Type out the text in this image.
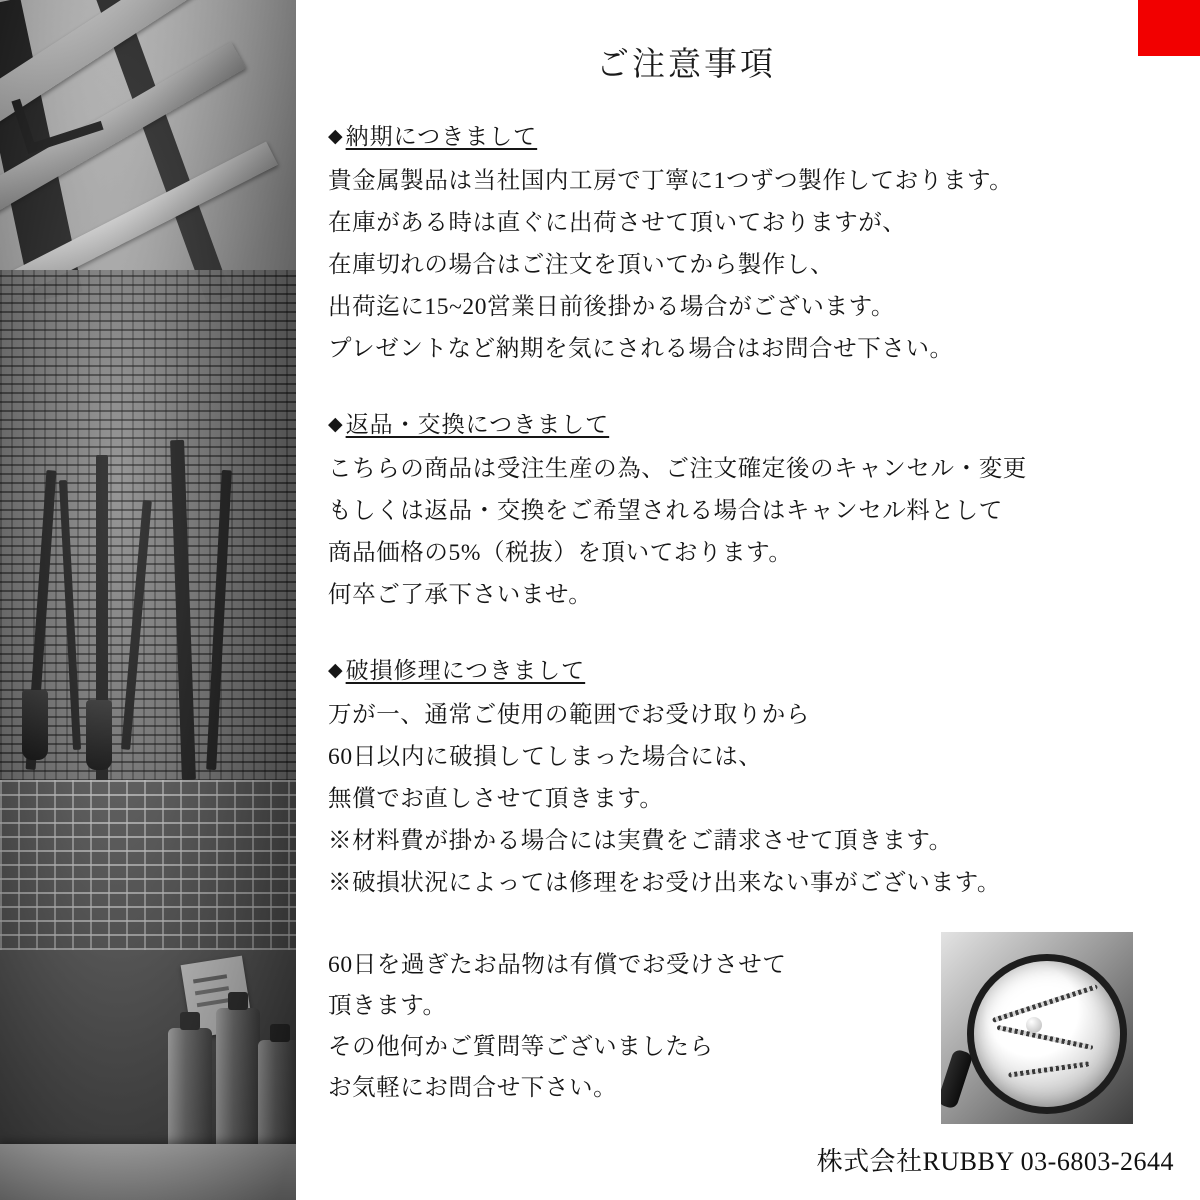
ご注意事項
◆納期につきまして
貴金属製品は当社国内工房で丁寧に1つずつ製作しております。
在庫がある時は直ぐに出荷させて頂いておりますが、
在庫切れの場合はご注文を頂いてから製作し、
出荷迄に15~20営業日前後掛かる場合がございます。
プレゼントなど納期を気にされる場合はお問合せ下さい。
◆返品・交換につきまして
こちらの商品は受注生産の為、ご注文確定後のキャンセル・変更
もしくは返品・交換をご希望される場合はキャンセル料として
商品価格の5%（税抜）を頂いております。
何卒ご了承下さいませ。
◆破損修理につきまして
万が一、通常ご使用の範囲でお受け取りから
60日以内に破損してしまった場合には、
無償でお直しさせて頂きます。
※材料費が掛かる場合には実費をご請求させて頂きます。
※破損状況によっては修理をお受け出来ない事がございます。
60日を過ぎたお品物は有償でお受けさせて
頂きます。
その他何かご質問等ございましたら
お気軽にお問合せ下さい。
株式会社RUBBY 03-6803-2644
